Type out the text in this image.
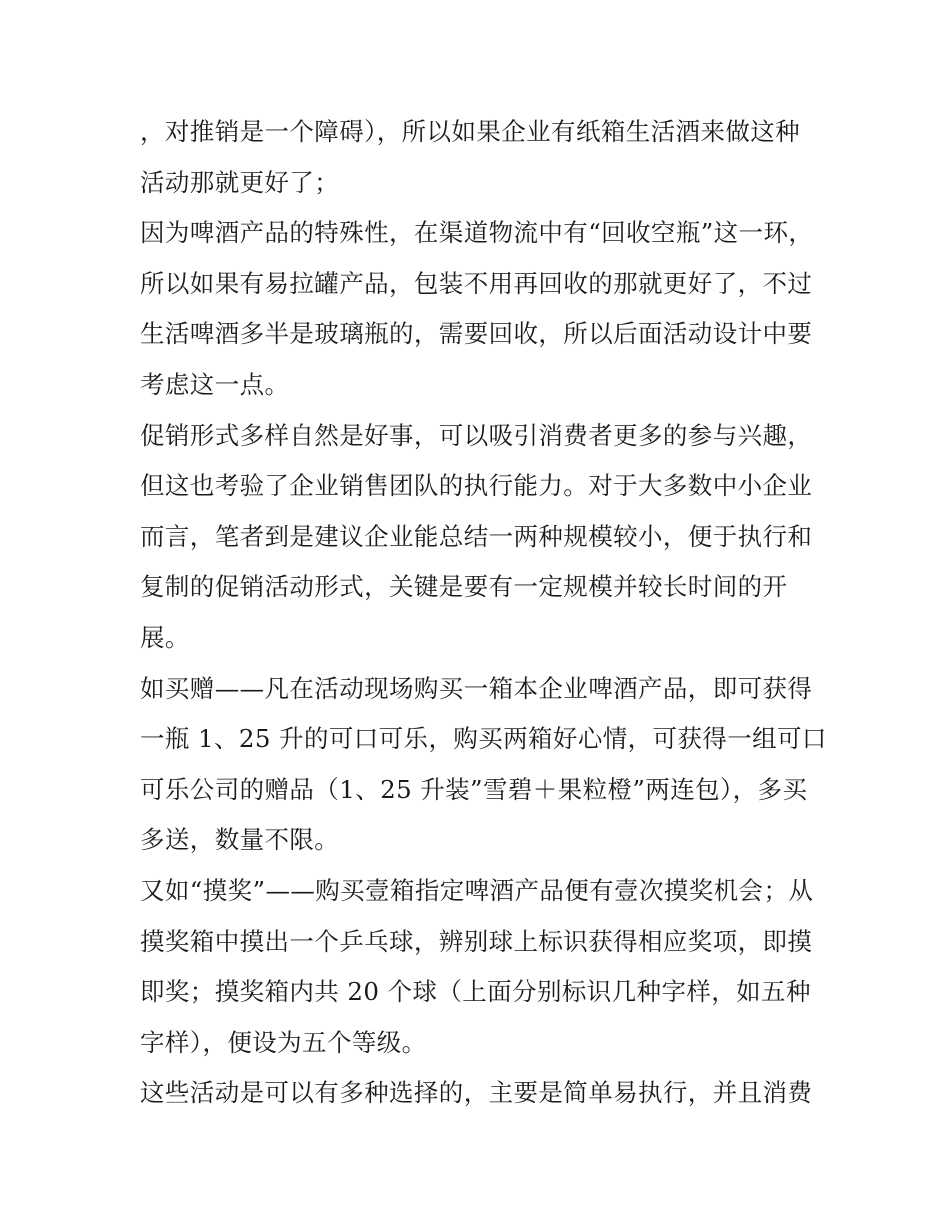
，对推销是一个障碍），所以如果企业有纸箱生活酒来做这种
活动那就更好了；
因为啤酒产品的特殊性，在渠道物流中有“回收空瓶”这一环，
所以如果有易拉罐产品，包装不用再回收的那就更好了，不过
生活啤酒多半是玻璃瓶的，需要回收，所以后面活动设计中要
考虑这一点。
促销形式多样自然是好事，可以吸引消费者更多的参与兴趣，
但这也考验了企业销售团队的执行能力。对于大多数中小企业
而言，笔者到是建议企业能总结一两种规模较小，便于执行和
复制的促销活动形式，关键是要有一定规模并较长时间的开
展。
如买赠——凡在活动现场购买一箱本企业啤酒产品，即可获得
一瓶 1、25 升的可口可乐，购买两箱好心情，可获得一组可口
可乐公司的赠品（1、25 升装”雪碧＋果粒橙”两连包），多买
多送，数量不限。
又如“摸奖”——购买壹箱指定啤酒产品便有壹次摸奖机会；从
摸奖箱中摸出一个乒乓球，辨别球上标识获得相应奖项，即摸
即奖；摸奖箱内共 20 个球（上面分别标识几种字样，如五种
字样），便设为五个等级。
这些活动是可以有多种选择的，主要是简单易执行，并且消费
